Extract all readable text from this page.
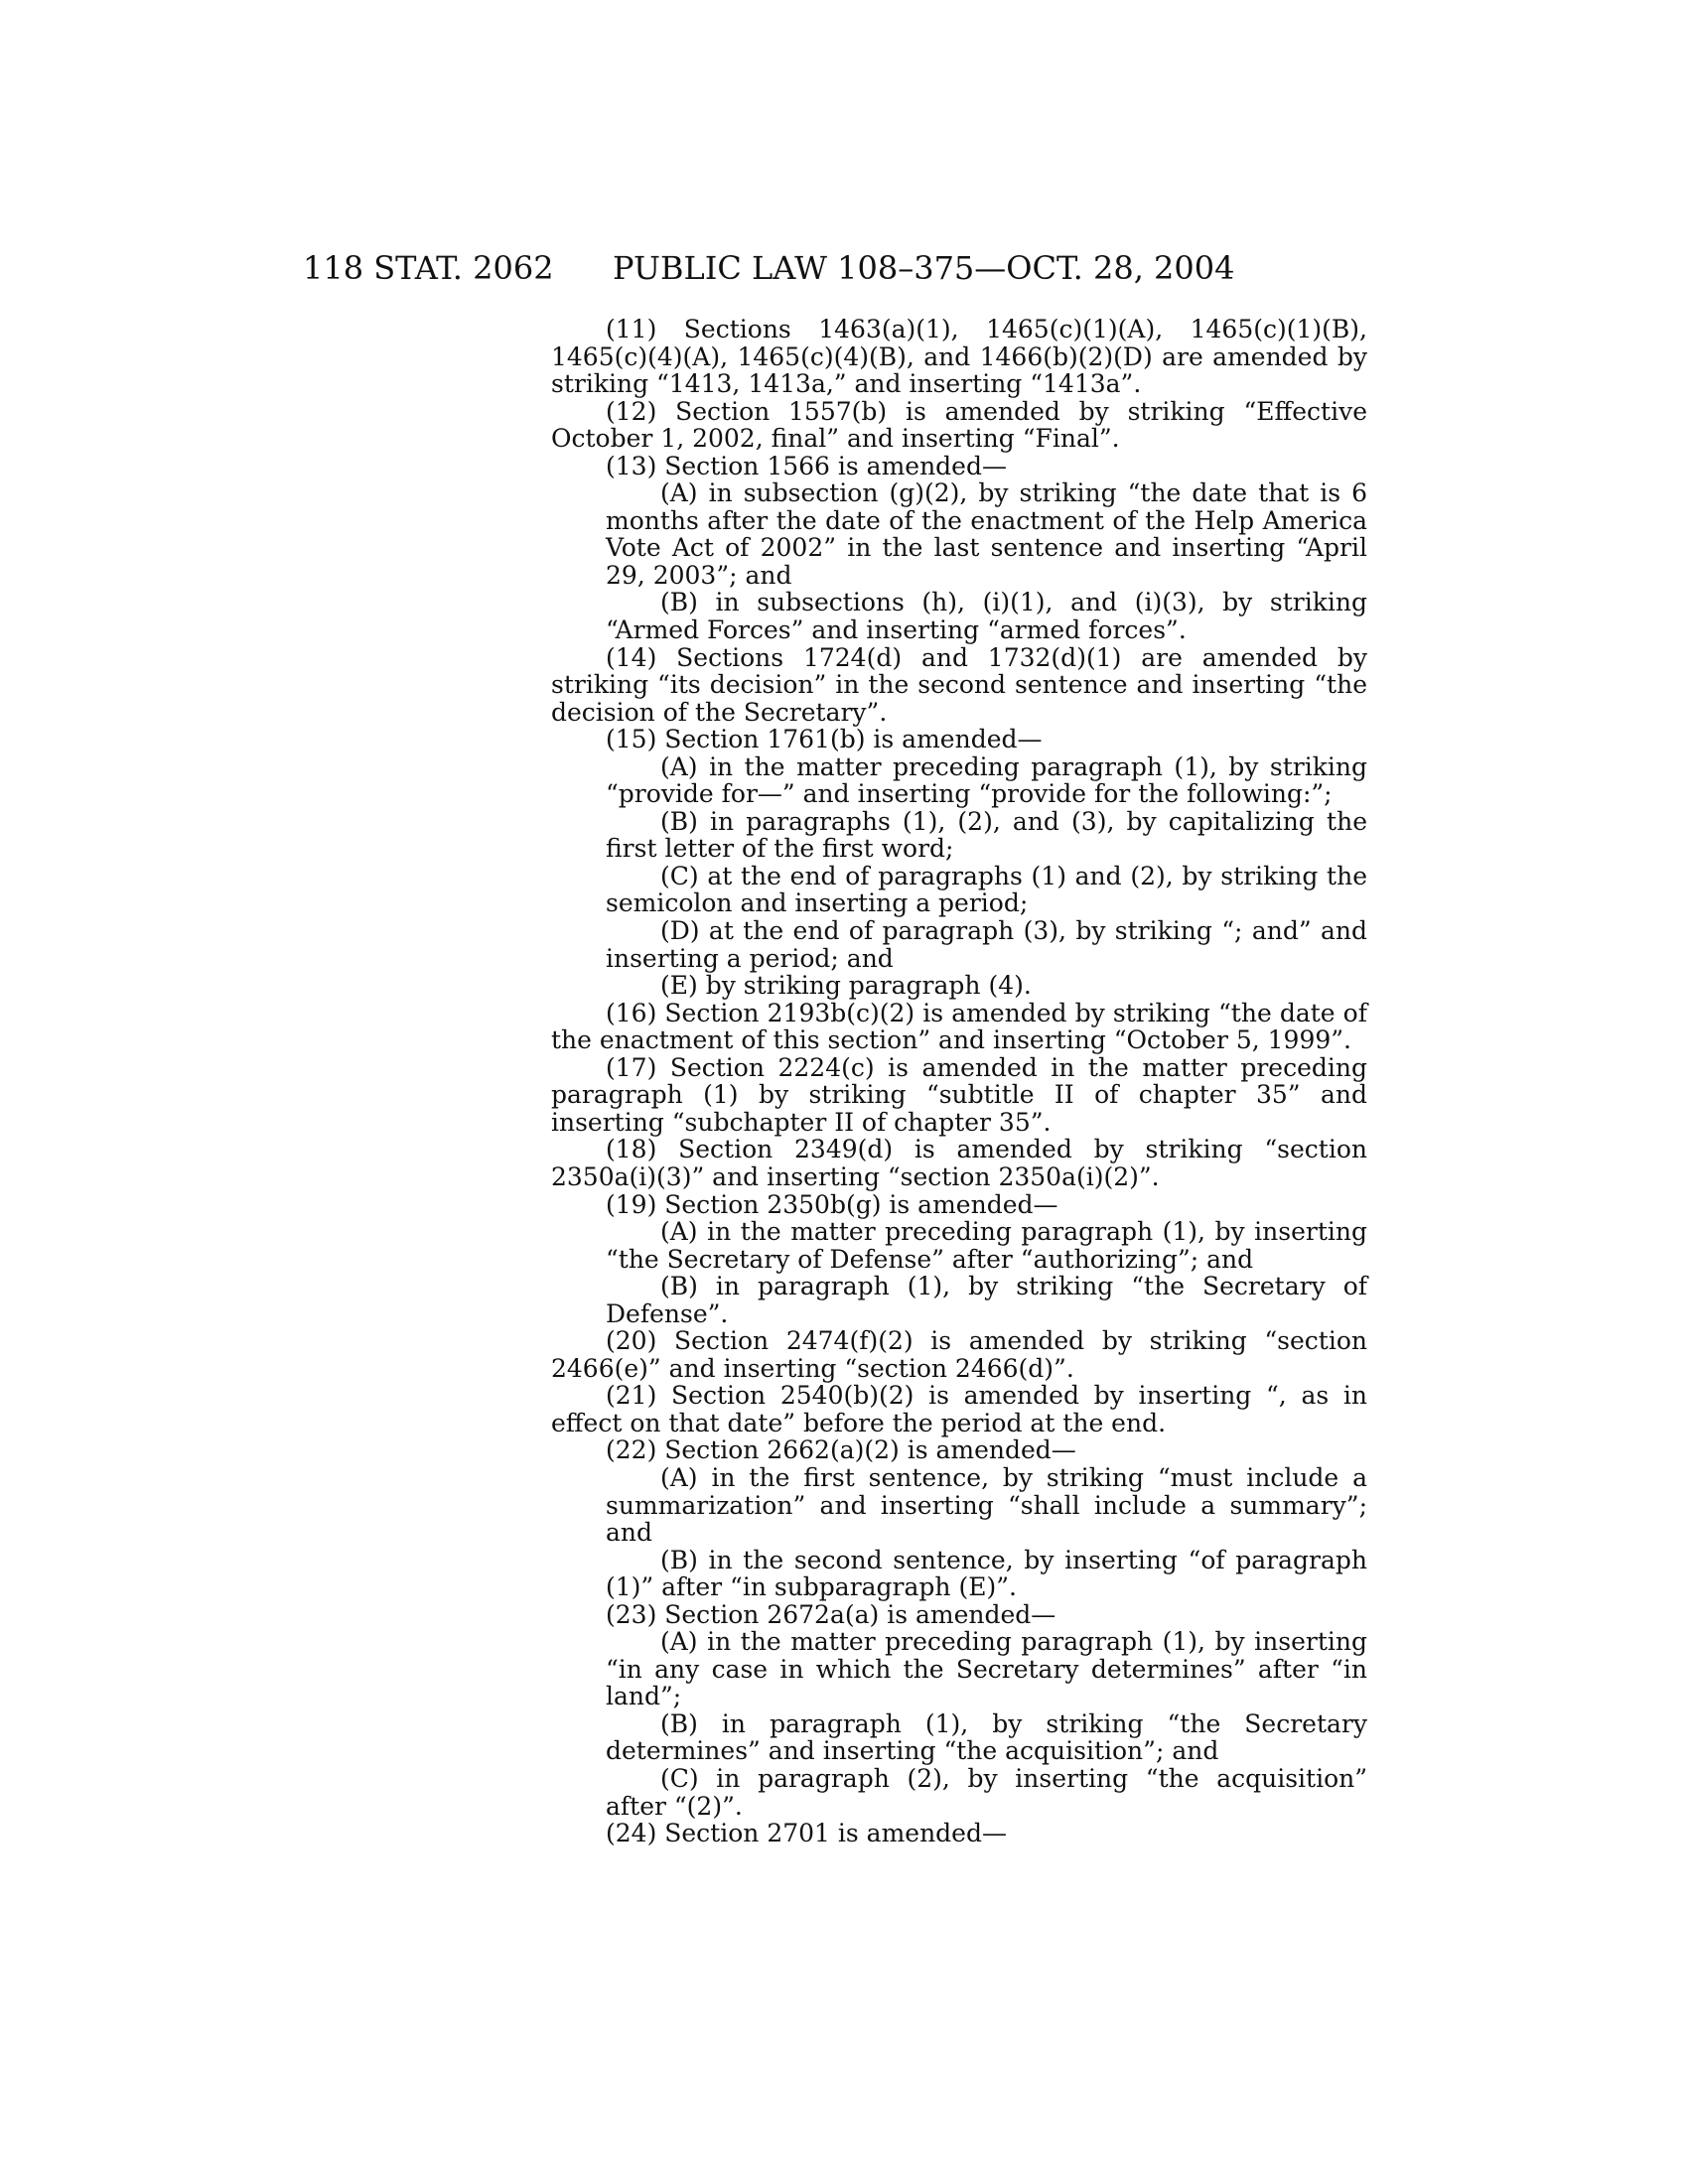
118 STAT. 2062 PUBLIC LAW 108–375—OCT. 28, 2004

(11) Sections 1463(a)(1), 1465(c)(1)(A), 1465(c)(1)(B), 1465(c)(4)(A), 1465(c)(4)(B), and 1466(b)(2)(D) are amended by striking “1413, 1413a,” and inserting “1413a”.

(12) Section 1557(b) is amended by striking “Effective October 1, 2002, final” and inserting “Final”.

(13) Section 1566 is amended—

(A) in subsection (g)(2), by striking “the date that is 6 months after the date of the enactment of the Help America Vote Act of 2002” in the last sentence and inserting “April 29, 2003”; and

(B) in subsections (h), (i)(1), and (i)(3), by striking “Armed Forces” and inserting “armed forces”.

(14) Sections 1724(d) and 1732(d)(1) are amended by striking “its decision” in the second sentence and inserting “the decision of the Secretary”.

(15) Section 1761(b) is amended—

(A) in the matter preceding paragraph (1), by striking “provide for—” and inserting “provide for the following:”;

(B) in paragraphs (1), (2), and (3), by capitalizing the first letter of the first word;

(C) at the end of paragraphs (1) and (2), by striking the semicolon and inserting a period;

(D) at the end of paragraph (3), by striking “; and” and inserting a period; and

(E) by striking paragraph (4).

(16) Section 2193b(c)(2) is amended by striking “the date of the enactment of this section” and inserting “October 5, 1999”.

(17) Section 2224(c) is amended in the matter preceding paragraph (1) by striking “subtitle II of chapter 35” and inserting “subchapter II of chapter 35”.

(18) Section 2349(d) is amended by striking “section 2350a(i)(3)” and inserting “section 2350a(i)(2)”.

(19) Section 2350b(g) is amended—

(A) in the matter preceding paragraph (1), by inserting “the Secretary of Defense” after “authorizing”; and

(B) in paragraph (1), by striking “the Secretary of Defense”.

(20) Section 2474(f)(2) is amended by striking “section 2466(e)” and inserting “section 2466(d)”.

(21) Section 2540(b)(2) is amended by inserting “, as in effect on that date” before the period at the end.

(22) Section 2662(a)(2) is amended—

(A) in the first sentence, by striking “must include a summarization” and inserting “shall include a summary”; and

(B) in the second sentence, by inserting “of paragraph (1)” after “in subparagraph (E)”.

(23) Section 2672a(a) is amended—

(A) in the matter preceding paragraph (1), by inserting “in any case in which the Secretary determines” after “in land”;

(B) in paragraph (1), by striking “the Secretary determines” and inserting “the acquisition”; and

(C) in paragraph (2), by inserting “the acquisition” after “(2)”.

(24) Section 2701 is amended—
